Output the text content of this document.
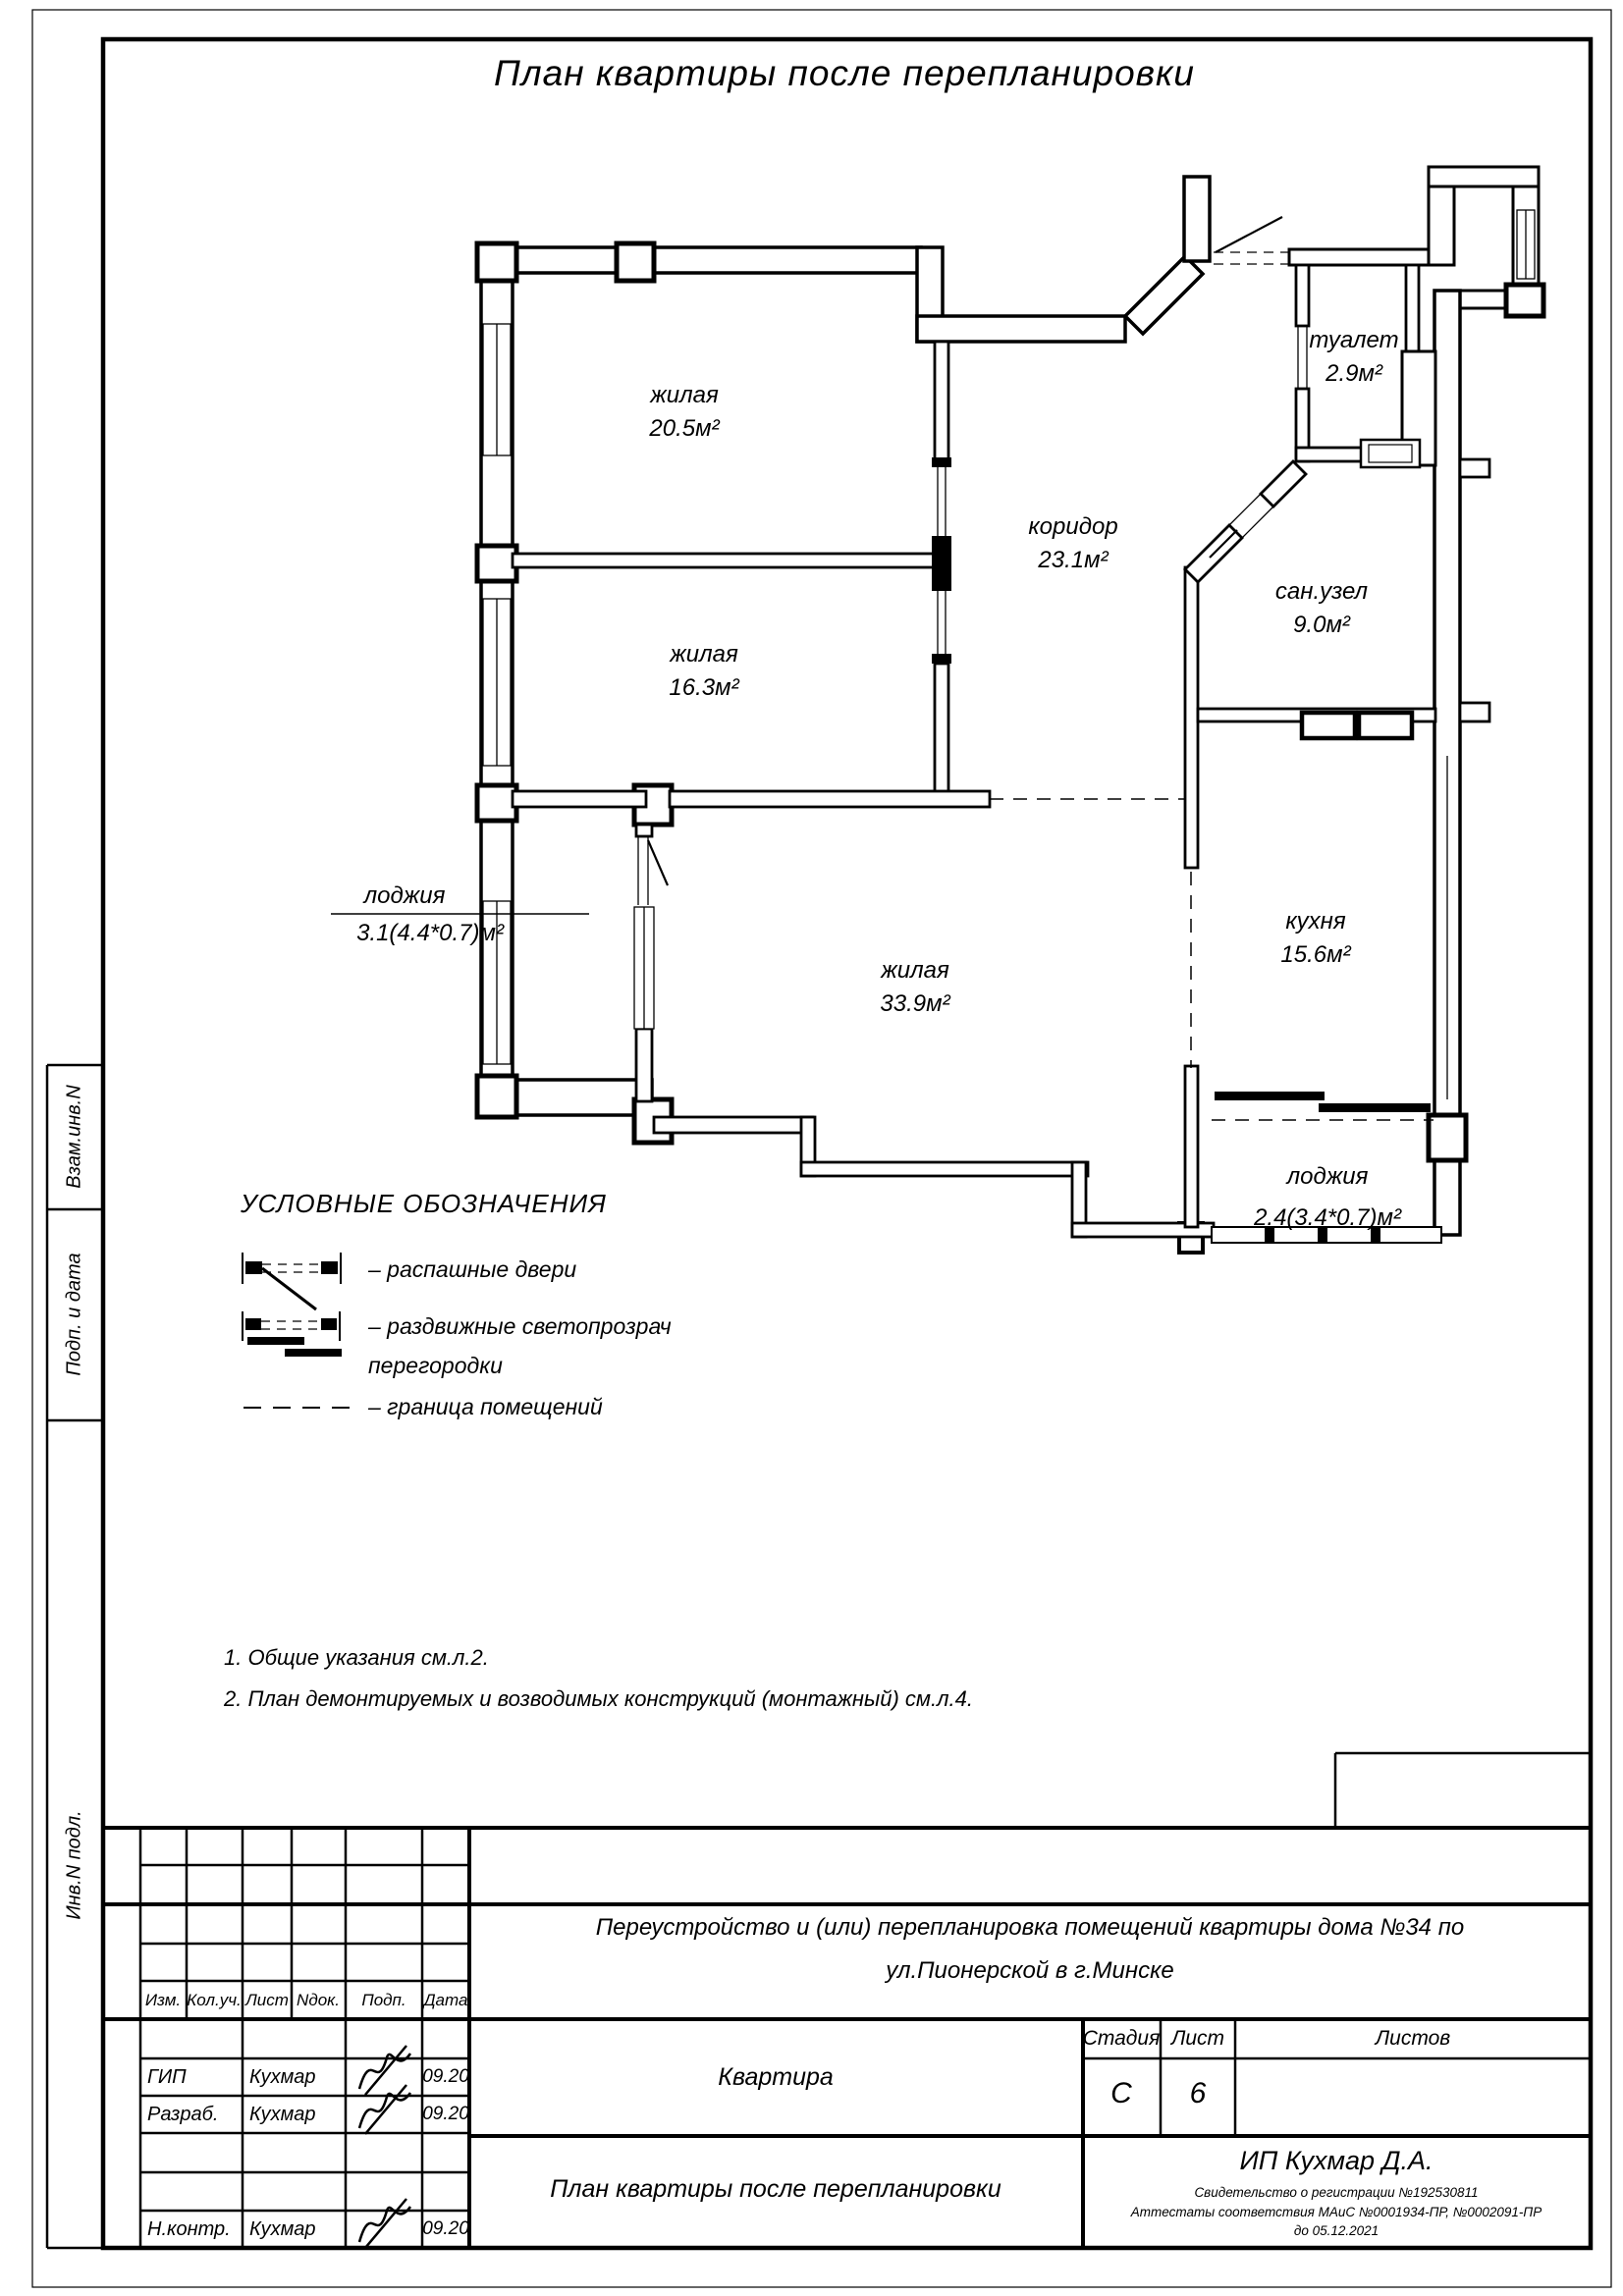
План квартиры после перепланировки
жилая
20.5м²
жилая
16.3м²
коридор
23.1м²
туалет
2.9м²
сан.узел
9.0м²
кухня
15.6м²
жилая
33.9м²
лоджия
2.4(3.4*0.7)м²
лоджия
3.1(4.4*0.7)м²
УСЛОВНЫЕ ОБОЗНАЧЕНИЯ
– распашные двери
– раздвижные светопрозрач
перегородки
– граница помещений
1. Общие указания см.л.2.
2. План демонтируемых и возводимых конструкций (монтажный) см.л.4.
Взам.инв.N
Подп. и дата
Инв.N подл.
Переустройство и (или) перепланировка помещений квартиры дома №34 по
ул.Пионерской в г.Минске
Изм. Кол.уч. Лист Nдок. Подп. Дата
ГИП	Кухмар	09.20
Разраб. Кухмар	09.20
Н.контр. Кухмар	09.20
Квартира
Стадия Лист	Листов
С 6
План квартиры после перепланировки
ИП Кухмар Д.А.
Свидетельство о регистрации №192530811
Аттестаты соответствия МАиС №0001934-ПР, №0002091-ПР
до 05.12.2021
